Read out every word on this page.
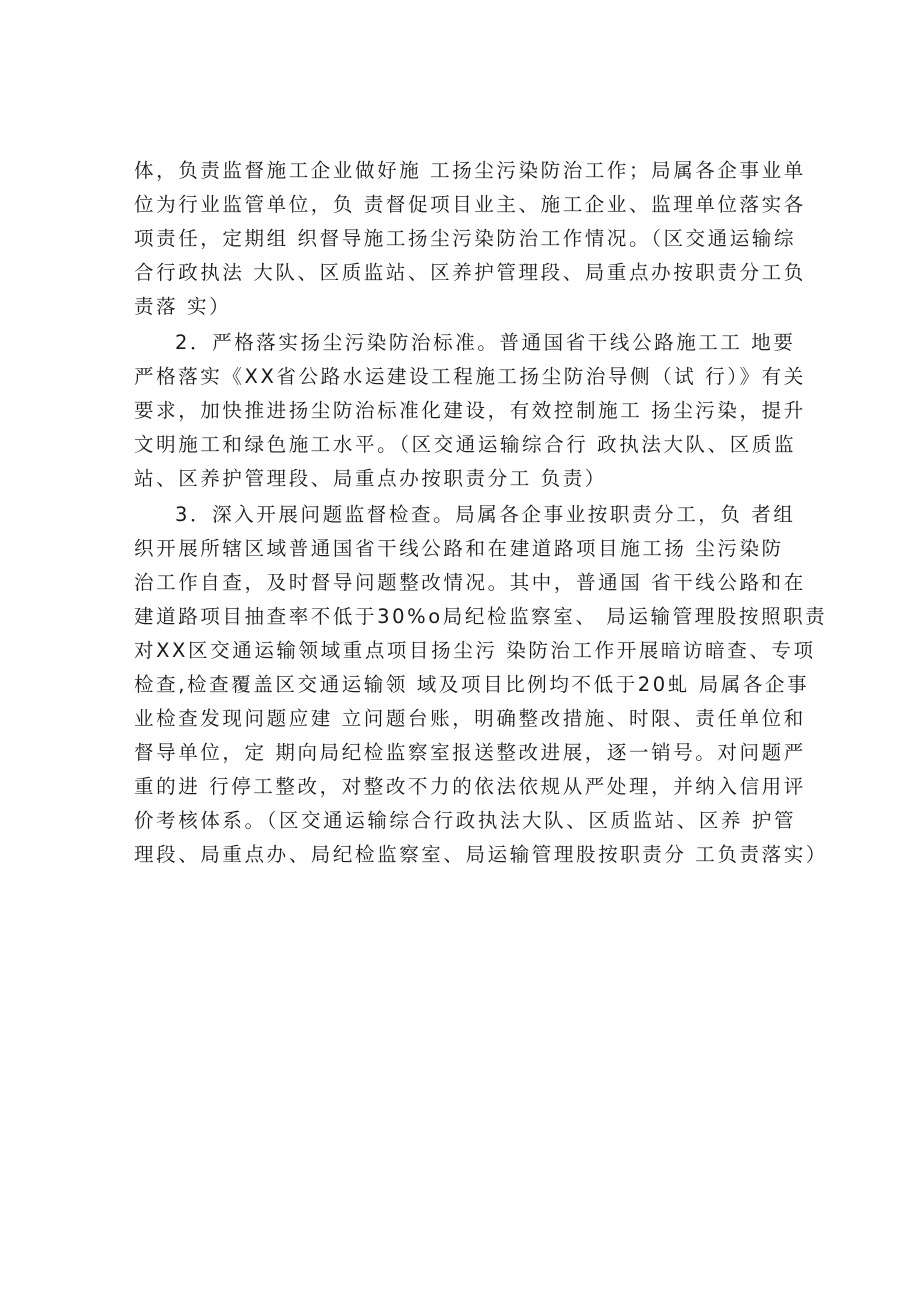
体，负责监督施工企业做好施 工扬尘污染防治工作；局属各企事业单
位为行业监管单位，负 责督促项目业主、施工企业、监理单位落实各
项责任，定期组 织督导施工扬尘污染防治工作情况。（区交通运输综
合行政执法 大队、区质监站、区养护管理段、局重点办按职责分工负
责落 实）
2．严格落实扬尘污染防治标准。普通国省干线公路施工工 地要
严格落实《XX省公路水运建设工程施工扬尘防治导侧（试 行）》有关
要求，加快推进扬尘防治标准化建设，有效控制施工 扬尘污染，提升
文明施工和绿色施工水平。（区交通运输综合行 政执法大队、区质监
站、区养护管理段、局重点办按职责分工 负责）
3．深入开展问题监督检查。局属各企事业按职责分工，负 者组
织开展所辖区域普通国省干线公路和在建道路项目施工扬 尘污染防
治工作自查，及时督导问题整改情况。其中，普通国 省干线公路和在
建道路项目抽查率不低于30%o局纪检监察室、 局运输管理股按照职责
对XX区交通运输领域重点项目扬尘污 染防治工作开展暗访暗查、专项
检查,检查覆盖区交通运输领 域及项目比例均不低于20虬 局属各企事
业检查发现问题应建 立问题台账，明确整改措施、时限、责任单位和
督导单位，定 期向局纪检监察室报送整改进展，逐一销号。对问题严
重的进 行停工整改，对整改不力的依法依规从严处理，并纳入信用评
价考核体系。（区交通运输综合行政执法大队、区质监站、区养 护管
理段、局重点办、局纪检监察室、局运输管理股按职责分 工负责落实）
